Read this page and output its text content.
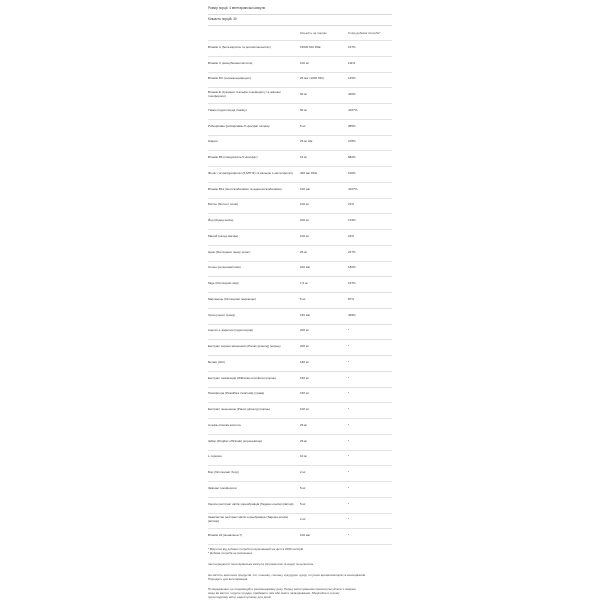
Розмір порції: 4 вегетаріанські капсули
Кількість порцій: 30
Кількість на порцію	% від добової потреби*
Вітамін А (бета-каротин та ретинілпальмітат)	15000 МО РАЕ	167%
Вітамін С (аскорбінова кислота)	100 мг	111%
Вітамін D3 (холекальциферол)	25 мкг (1000 МО)	125%
Вітамін Е (сукцинат d-альфа-токоферилу та змішані токофероли)	60 мг	400%
Тіамін (гідрохлорид тіаміну)	50 мг	4167%
Рибофлавін (рибофлавін-5'-фосфат натрію)	5 мг	385%
Ніацин	25 мг НЕ	278%
Вітамін В6 (піридоксаль-5'-фосфат)	15 мг	882%
Фолат (тетрагідрофолат (5-МТГФ) та кальцію L-метилфолат)	400 мкг DFE	100%
Вітамін В12 (метилкобаламін та аденозилкобаламін)	100 мкг	4167%
Біотин (біотин / холін)	100 мг	21%
Йод (йодид калію)	200 мг	133%
Магній (оксид магнію)	100 мг	24%
Цинк (бісгліцинат цинку хелат)	25 мг	227%
Селен (селенометіонін)	100 мкг	182%
Мідь (бісгліцинат міді)	1,5 мг	167%
Марганець (бісгліцинат марганцю)	5 мг	87%
Хром (хелат хрому)	150 мкг	429%
Ацетил-L-карнітин (гідрохлорид)	200 мг	*
Екстракт кореня женьшеню (Panax ginseng) (корінь)	200 мг	*
Бетаїн (HCl)	180 мг	*
Екстракт ашваганди (Withania somnifera) (корінь)	150 мг	*
Пасифлора (Passiflora incarnata) (трава)	150 мг	*
Екстракт женьшеню (Panax ginseng) (корінь)	100 мг	*
Альфа-ліпоєва кислота	25 мг	*
Імбир (Zingiber officinale) (кореневище)	25 мг	*
L-тирозин	10 мг	*
Бор (бісгліцинат бору)	2 мг	*
Змішані токофероли	5 мг	*
Лютеїн (екстракт квітів чорнобривців (Tagetes erecta) (квітка)) 5 мг	*
Зеаксантин (екстракт квітів чорнобривців (Tagetes erecta) (квітка))	2 мг	*
Вітамін К2 (менахінон-7)	100 мкг	*
* Відсоток від добової потреби розрахований на дієті в 2000 калорій
* Добова потреба не визначена.
Інші інгредієнти: вегетаріанська капсула (гіпромелоза та вода) та целюлоза.
Не містить молочних продуктів, сої, пшениці, глютену, кукурудзи, цукру, штучних ароматизаторів та консервантів.
Підходить для вегетаріанців.
Попередження: не перевищуйте рекомендовану дозу. Перед застосуванням проконсультуйтеся з лікарем,
якщо ви вагітні, годуєте груддю, приймаєте ліки або маєте захворювання. Зберігайте в сухому
прохолодному місці, недоступному для дітей.
